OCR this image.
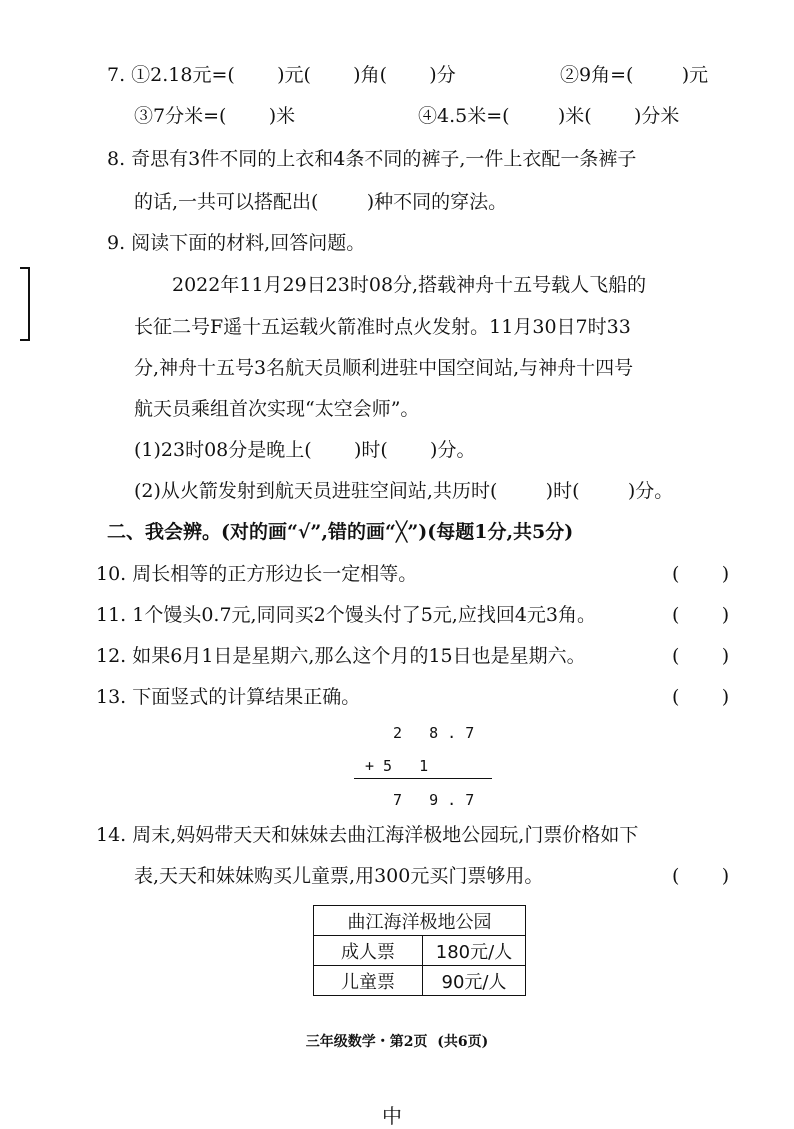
7. ①2.18元=(       )元(       )角(       )分	②9角=(        )元
③7分米=(       )米	④4.5米=(        )米(       )分米
8. 奇思有3件不同的上衣和4条不同的裤子,一件上衣配一条裤子
的话,一共可以搭配出(        )种不同的穿法。
9. 阅读下面的材料,回答问题。
2022年11月29日23时08分,搭载神舟十五号载人飞船的
长征二号F遥十五运载火箭准时点火发射。11月30日7时33
分,神舟十五号3名航天员顺利进驻中国空间站,与神舟十四号
航天员乘组首次实现“太空会师”。
(1)23时08分是晚上(       )时(       )分。
(2)从火箭发射到航天员进驻空间站,共历时(        )时(        )分。
二、我会辨。(对的画“√”,错的画“╳”)(每题1分,共5分)
10. 周长相等的正方形边长一定相等。	(       )
11. 1个馒头0.7元,同同买2个馒头付了5元,应找回4元3角。	(       )
12. 如果6月1日是星期六,那么这个月的15日也是星期六。	(       )
13. 下面竖式的计算结果正确。	(       )
2   8 . 7
+ 5   1
7   9 . 7
14. 周末,妈妈带天天和妹妹去曲江海洋极地公园玩,门票价格如下
表,天天和妹妹购买儿童票,用300元买门票够用。	(       )
曲江海洋极地公园	
成人票	180元/人
儿童票	90元/人
三年级数学・第2页  (共6页)
中
